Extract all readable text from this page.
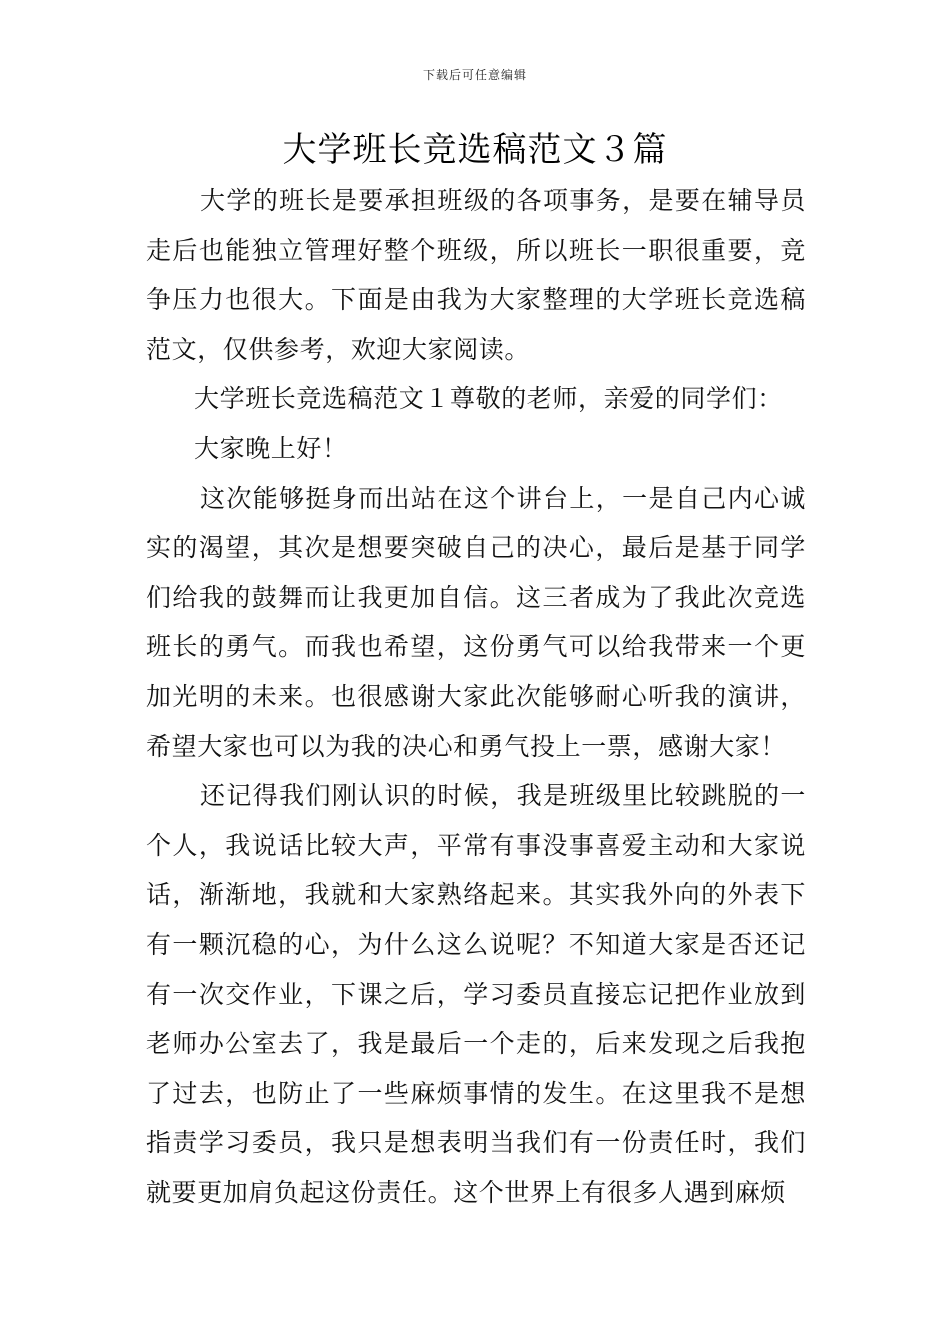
下载后可任意编辑
大学班长竞选稿范文３篇

大学的班长是要承担班级的各项事务，是要在辅导员走后也能独立管理好整个班级，所以班长一职很重要，竞争压力也很大。下面是由我为大家整理的大学班长竞选稿范文，仅供参考，欢迎大家阅读。

大学班长竞选稿范文１尊敬的老师，亲爱的同学们：

大家晚上好！

这次能够挺身而出站在这个讲台上，一是自己内心诚实的渴望，其次是想要突破自己的决心，最后是基于同学们给我的鼓舞而让我更加自信。这三者成为了我此次竞选班长的勇气。而我也希望，这份勇气可以给我带来一个更加光明的未来。也很感谢大家此次能够耐心听我的演讲，希望大家也可以为我的决心和勇气投上一票，感谢大家！

还记得我们刚认识的时候，我是班级里比较跳脱的一个人，我说话比较大声，平常有事没事喜爱主动和大家说话，渐渐地，我就和大家熟络起来。其实我外向的外表下有一颗沉稳的心，为什么这么说呢？不知道大家是否还记有一次交作业，下课之后，学习委员直接忘记把作业放到老师办公室去了，我是最后一个走的，后来发现之后我抱了过去，也防止了一些麻烦事情的发生。在这里我不是想指责学习委员，我只是想表明当我们有一份责任时，我们就要更加肩负起这份责任。这个世界上有很多人遇到麻烦
